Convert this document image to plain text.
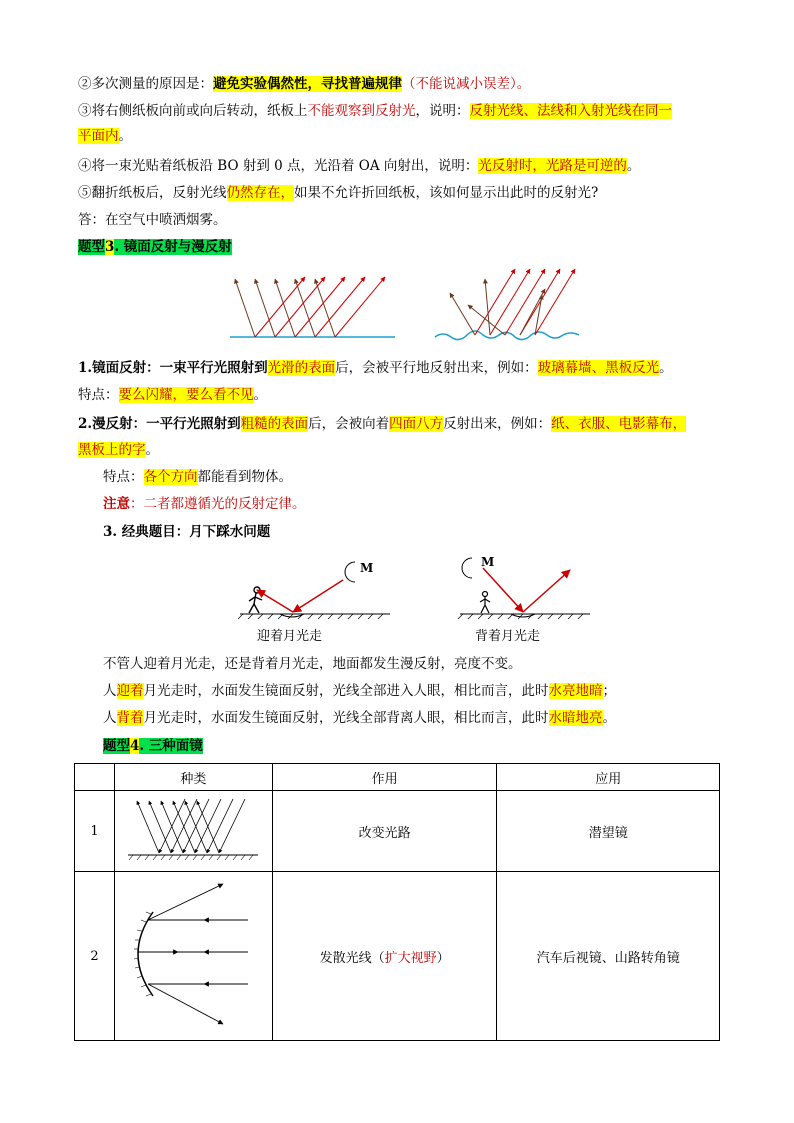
②多次测量的原因是：避免实验偶然性，寻找普遍规律（不能说减小误差）。
③将右侧纸板向前或向后转动，纸板上不能观察到反射光，说明：反射光线、法线和入射光线在同一
平面内。
④将一束光贴着纸板沿 BO 射到 0 点，光沿着 OA 向射出，说明：光反射时，光路是可逆的。
⑤翻折纸板后，反射光线仍然存在，如果不允许折回纸板，该如何显示出此时的反射光?
答：在空气中喷洒烟雾。
题型3. 镜面反射与漫反射
1.镜面反射：一束平行光照射到光滑的表面后，会被平行地反射出来，例如：玻璃幕墙、黑板反光。
特点：要么闪耀，要么看不见。
2.漫反射：一平行光照射到粗糙的表面后，会被向着四面八方反射出来，例如：纸、衣服、电影幕布，
黑板上的字。
特点：各个方向都能看到物体。
注意：二者都遵循光的反射定律。
3. 经典题目：月下踩水问题
M
迎着月光走
M
背着月光走
不管人迎着月光走，还是背着月光走，地面都发生漫反射，亮度不变。
人迎着月光走时，水面发生镜面反射，光线全部进入人眼，相比而言，此时水亮地暗；
人背着月光走时，水面发生镜面反射，光线全部背离人眼，相比而言，此时水暗地亮。
题型4. 三种面镜
	种类	作用	应用
1		改变光路	潜望镜
2		发散光线（扩大视野）	汽车后视镜、山路转角镜
